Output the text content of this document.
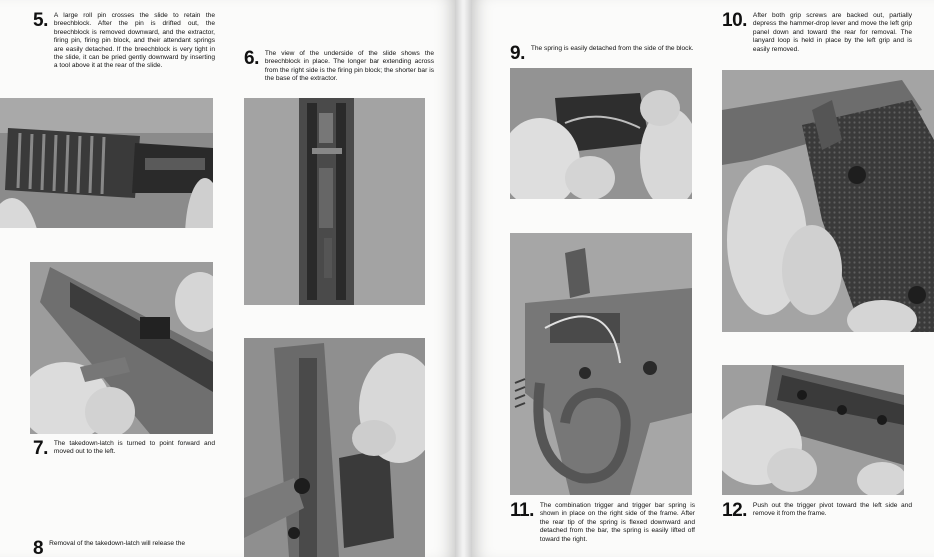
5. A large roll pin crosses the slide to retain the breechblock. After the pin is drifted out, the breechblock is removed downward, and the extractor, firing pin, firing pin block, and their attendant springs are easily detached. If the breechblock is very tight in the slide, it can be pried gently downward by inserting a tool above it at the rear of the slide.
7. The takedown-latch is turned to point forward and moved out to the left.
8 Removal of the takedown-latch will release the
6. The view of the underside of the slide shows the breechblock in place. The longer bar extending across from the right side is the firing pin block; the shorter bar is the base of the extractor.
9. The spring is easily detached from the side of the block.
11. The combination trigger and trigger bar spring is shown in place on the right side of the frame. After the rear tip of the spring is flexed downward and detached from the bar, the spring is easily lifted off toward the right.
10. After both grip screws are backed out, partially depress the hammer-drop lever and move the left grip panel down and toward the rear for removal. The lanyard loop is held in place by the left grip and is easily removed.
12. Push out the trigger pivot toward the left side and remove it from the frame.
